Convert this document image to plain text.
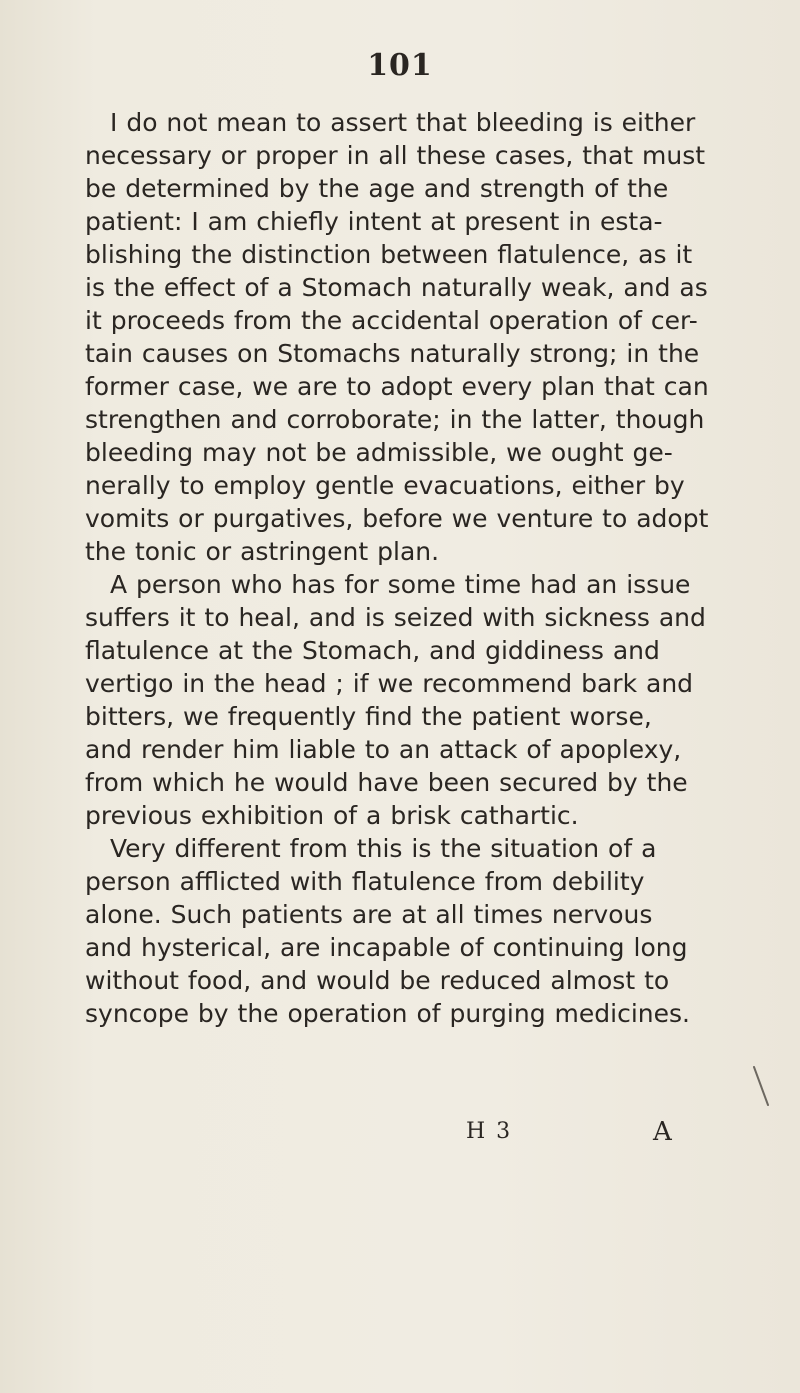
101
I do not mean to assert that bleeding is either
necessary or proper in all these cases, that must
be determined by the age and strength of the
patient: I am chiefly intent at present in esta-
blishing the distinction between flatulence, as it
is the effect of a Stomach naturally weak, and as
it proceeds from the accidental operation of cer-
tain causes on Stomachs naturally strong; in the
former case, we are to adopt every plan that can
strengthen and corroborate; in the latter, though
bleeding may not be admissible, we ought ge-
nerally to employ gentle evacuations, either by
vomits or purgatives, before we venture to adopt
the tonic or astringent plan.
A person who has for some time had an issue
suffers it to heal, and is seized with sickness and
flatulence at the Stomach, and giddiness and
vertigo in the head ; if we recommend bark and
bitters, we frequently find the patient worse,
and render him liable to an attack of apoplexy,
from which he would have been secured by the
previous exhibition of a brisk cathartic.
Very different from this is the situation of a
person afflicted with flatulence from debility
alone. Such patients are at all times nervous
and hysterical, are incapable of continuing long
without food, and would be reduced almost to
syncope by the operation of purging medicines.
H 3	A
